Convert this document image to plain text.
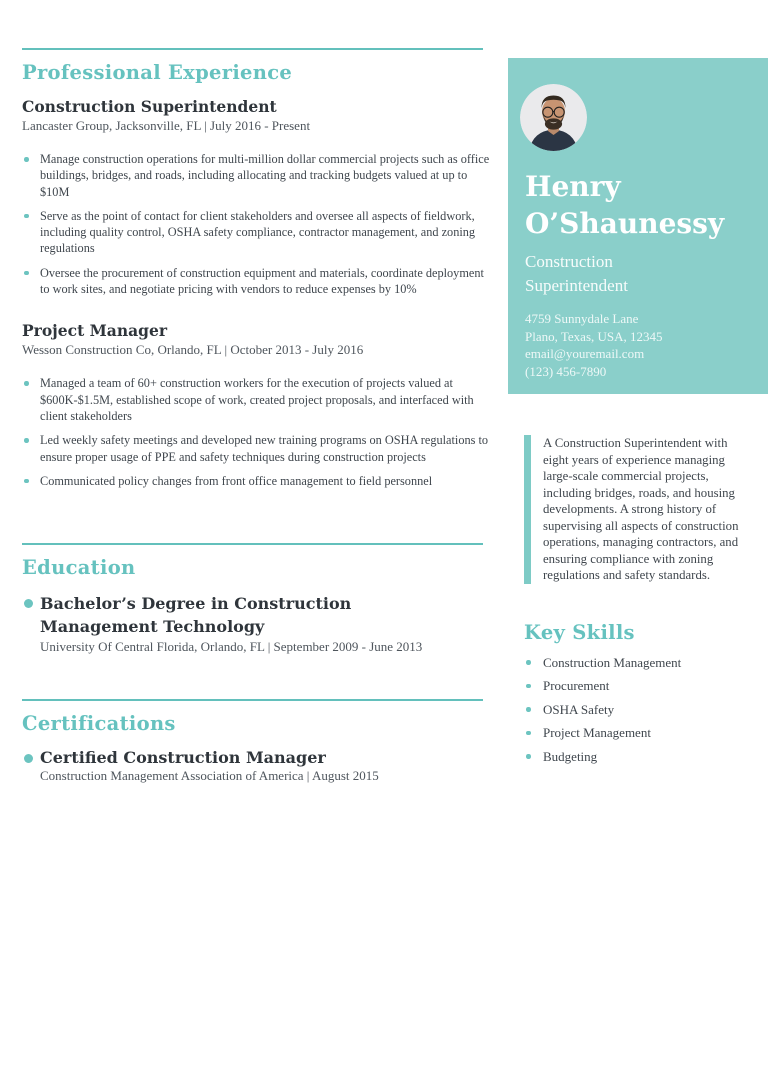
Professional Experience
Construction Superintendent
Lancaster Group, Jacksonville, FL | July 2016 - Present
Manage construction operations for multi-million dollar commercial projects such as office buildings, bridges, and roads, including allocating and tracking budgets valued at up to $10M
Serve as the point of contact for client stakeholders and oversee all aspects of fieldwork, including quality control, OSHA safety compliance, contractor management, and zoning regulations
Oversee the procurement of construction equipment and materials, coordinate deployment to work sites, and negotiate pricing with vendors to reduce expenses by 10%
Project Manager
Wesson Construction Co, Orlando, FL | October 2013 - July 2016
Managed a team of 60+ construction workers for the execution of projects valued at $600K-$1.5M, established scope of work, created project proposals, and interfaced with client stakeholders
Led weekly safety meetings and developed new training programs on OSHA regulations to ensure proper usage of PPE and safety techniques during construction projects
Communicated policy changes from front office management to field personnel
Education
Bachelor’s Degree in Construction Management Technology
University Of Central Florida, Orlando, FL | September 2009 - June 2013
Certifications
Certified Construction Manager
Construction Management Association of America | August 2015
Henry O’Shaunessy
Construction Superintendent
4759 Sunnydale Lane
Plano, Texas, USA, 12345
email@youremail.com
(123) 456-7890
A Construction Superintendent with eight years of experience managing large-scale commercial projects, including bridges, roads, and housing developments. A strong history of supervising all aspects of construction operations, managing contractors, and ensuring compliance with zoning regulations and safety standards.
Key Skills
Construction Management
Procurement
OSHA Safety
Project Management
Budgeting
